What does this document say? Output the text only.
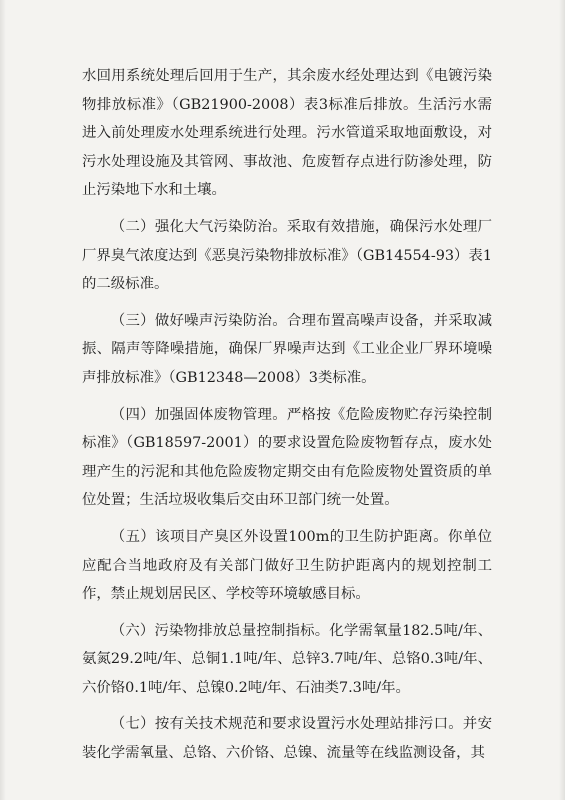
水回用系统处理后回用于生产，其余废水经处理达到《电镀污染物排放标准》（GB21900-2008）表3标准后排放。生活污水需进入前处理废水处理系统进行处理。污水管道采取地面敷设，对污水处理设施及其管网、事故池、危废暂存点进行防渗处理，防止污染地下水和土壤。

（二）强化大气污染防治。采取有效措施，确保污水处理厂厂界臭气浓度达到《恶臭污染物排放标准》（GB14554-93）表1的二级标准。

（三）做好噪声污染防治。合理布置高噪声设备，并采取减振、隔声等降噪措施，确保厂界噪声达到《工业企业厂界环境噪声排放标准》（GB12348—2008）3类标准。

（四）加强固体废物管理。严格按《危险废物贮存污染控制标准》（GB18597-2001）的要求设置危险废物暂存点，废水处理产生的污泥和其他危险废物定期交由有危险废物处置资质的单位处置；生活垃圾收集后交由环卫部门统一处置。

（五）该项目产臭区外设置100m的卫生防护距离。你单位应配合当地政府及有关部门做好卫生防护距离内的规划控制工作，禁止规划居民区、学校等环境敏感目标。

（六）污染物排放总量控制指标。化学需氧量182.5吨/年、氨氮29.2吨/年、总铜1.1吨/年、总锌3.7吨/年、总铬0.3吨/年、六价铬0.1吨/年、总镍0.2吨/年、石油类7.3吨/年。

（七）按有关技术规范和要求设置污水处理站排污口。并安装化学需氧量、总铬、六价铬、总镍、流量等在线监测设备，其
